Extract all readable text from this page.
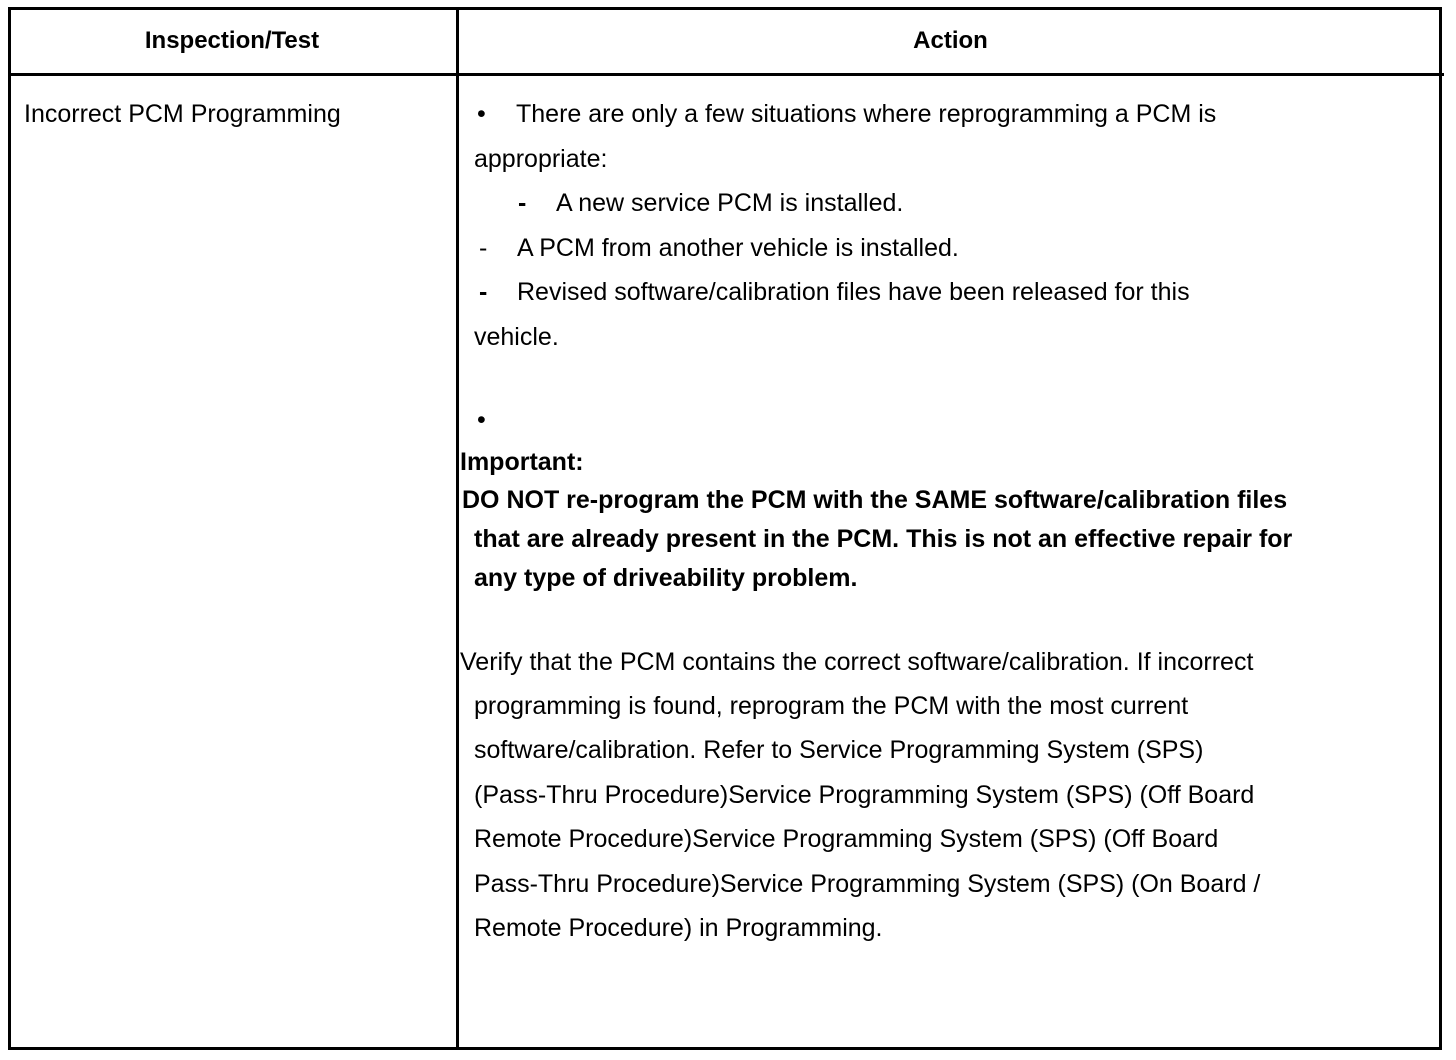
Inspection/Test	Action
Incorrect PCM Programming	• There are only a few situations where reprogramming a PCM is
appropriate:
- A new service PCM is installed.
- A PCM from another vehicle is installed.
- Revised software/calibration files have been released for this
vehicle.
•
Important:
DO NOT re-program the PCM with the SAME software/calibration files
that are already present in the PCM. This is not an effective repair for
any type of driveability problem.
Verify that the PCM contains the correct software/calibration. If incorrect
programming is found, reprogram the PCM with the most current
software/calibration. Refer to Service Programming System (SPS)
(Pass-Thru Procedure)Service Programming System (SPS) (Off Board
Remote Procedure)Service Programming System (SPS) (Off Board
Pass-Thru Procedure)Service Programming System (SPS) (On Board /
Remote Procedure) in Programming.
